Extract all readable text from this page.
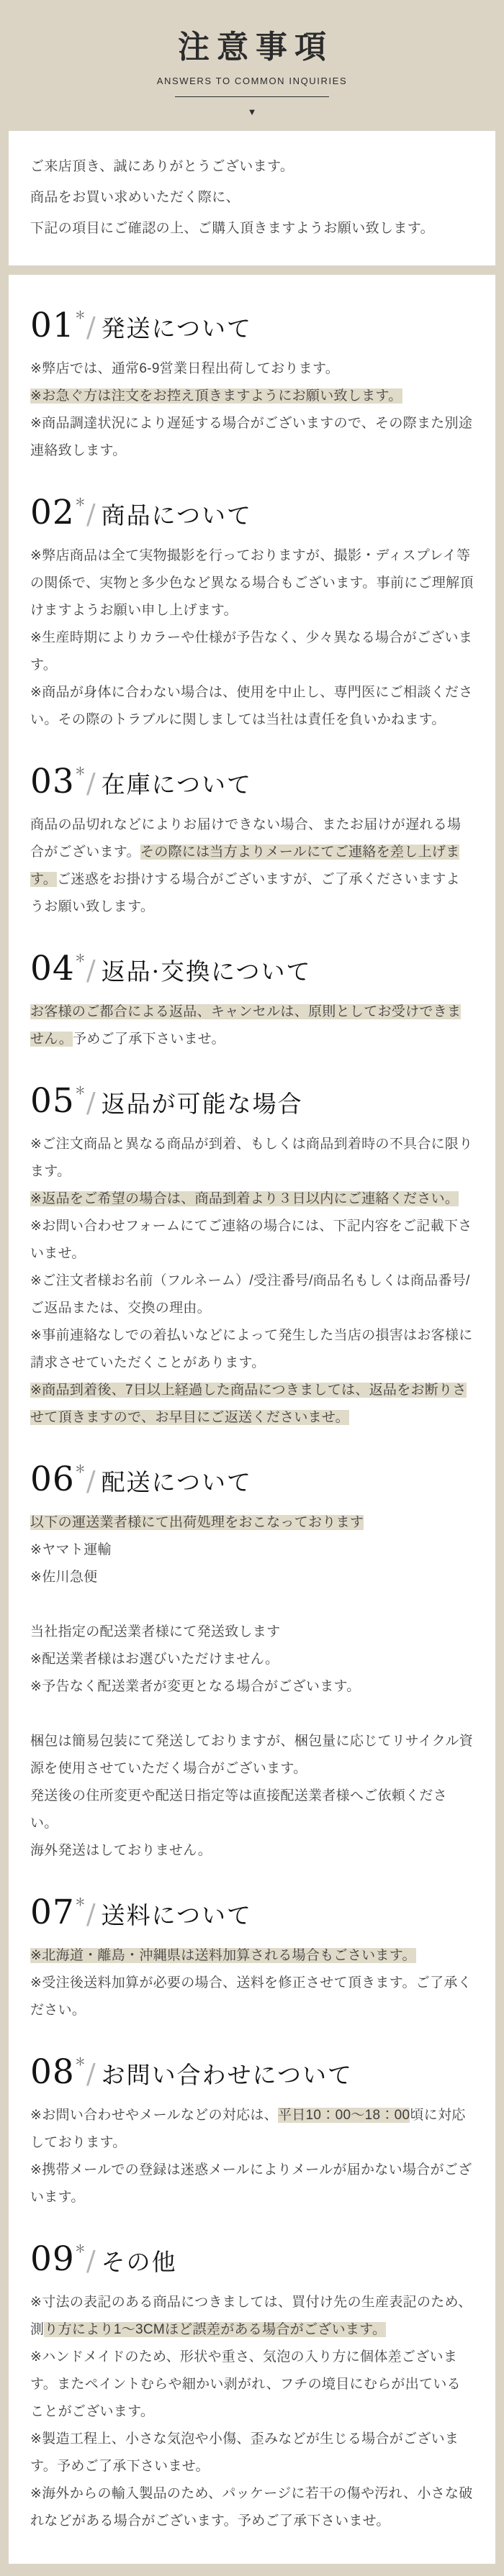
注意事項
ANSWERS TO COMMON INQUIRIES
▼

ご来店頂き、誠にありがとうございます。

商品をお買い求めいただく際に、

下記の項目にご確認の上、ご購入頂きますようお願い致します。

01＊/ 発送について

※弊店では、通常6-9営業日程出荷しております。

※お急ぐ方は注文をお控え頂きますようにお願い致します。

※商品調達状況により遅延する場合がございますので、その際また別途連絡致します。

02＊/ 商品について

※弊店商品は全て実物撮影を行っておりますが、撮影・ディスプレイ等の関係で、実物と多少色など異なる場合もございます。事前にご理解頂けますようお願い申し上げます。

※生産時期によりカラーや仕様が予告なく、少々異なる場合がございます。

※商品が身体に合わない場合は、使用を中止し、専門医にご相談ください。その際のトラブルに関しましては当社は責任を負いかねます。

03＊/ 在庫について

商品の品切れなどによりお届けできない場合、またお届けが遅れる場合がございます。その際には当方よりメールにてご連絡を差し上げます。ご迷惑をお掛けする場合がございますが、ご了承くださいますようお願い致します。

04＊/ 返品·交換について

お客様のご都合による返品、キャンセルは、原則としてお受けできません。予めご了承下さいませ。

05＊/ 返品が可能な場合

※ご注文商品と異なる商品が到着、もしくは商品到着時の不具合に限ります。

※返品をご希望の場合は、商品到着より３日以内にご連絡ください。

※お問い合わせフォームにてご連絡の場合には、下記内容をご記載下さいませ。

※ご注文者様お名前（フルネーム）/受注番号/商品名もしくは商品番号/ご返品または、交換の理由。

※事前連絡なしでの着払いなどによって発生した当店の損害はお客様に請求させていただくことがあります。

※商品到着後、7日以上経過した商品につきましては、返品をお断りさせて頂きますので、お早目にご返送くださいませ。

06＊/ 配送について

以下の運送業者様にて出荷処理をおこなっております

※ヤマト運輸

※佐川急便

当社指定の配送業者様にて発送致します

※配送業者様はお選びいただけません。

※予告なく配送業者が変更となる場合がございます。

梱包は簡易包装にて発送しておりますが、梱包量に応じてリサイクル資源を使用させていただく場合がございます。

発送後の住所変更や配送日指定等は直接配送業者様へご依頼ください。

海外発送はしておりません。

07＊/ 送料について

※北海道・離島・沖縄県は送料加算される場合もごさいます。

※受注後送料加算が必要の場合、送料を修正させて頂きます。ご了承ください。

08＊/ お問い合わせについて

※お問い合わせやメールなどの対応は、平日10：00～18：00頃に対応しております。

※携帯メールでの登録は迷惑メールによりメールが届かない場合がございます。

09＊/ その他

※寸法の表記のある商品につきましては、買付け先の生産表記のため、測り方により1～3CMほど誤差がある場合がございます。

※ハンドメイドのため、形状や重さ、気泡の入り方に個体差ございます。またペイントむらや細かい剥がれ、フチの境目にむらが出ていることがございます。

※製造工程上、小さな気泡や小傷、歪みなどが生じる場合がございます。予めご了承下さいませ。

※海外からの輸入製品のため、パッケージに若干の傷や汚れ、小さな破れなどがある場合がございます。予めご了承下さいませ。
